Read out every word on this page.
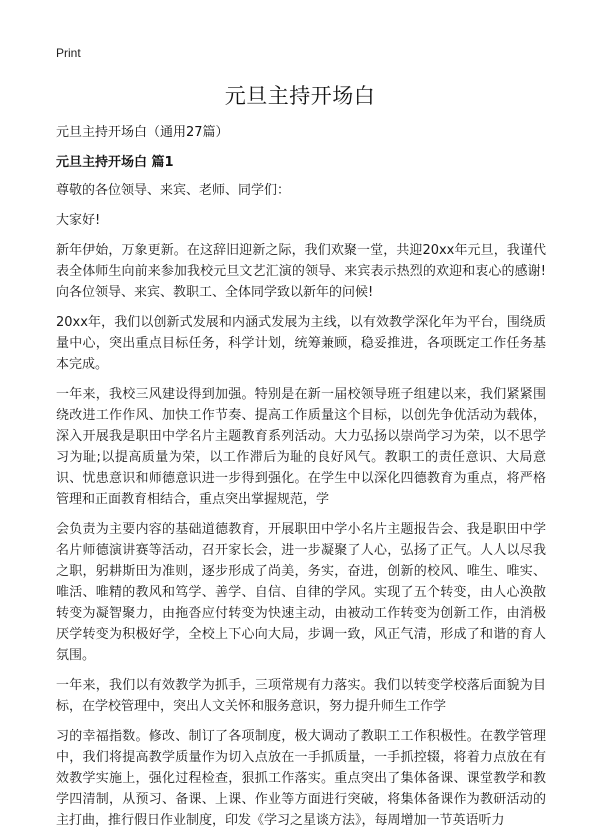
Print
元旦主持开场白
元旦主持开场白（通用27篇）
元旦主持开场白 篇1

尊敬的各位领导、来宾、老师、同学们：

大家好!

新年伊始，万象更新。在这辞旧迎新之际，我们欢聚一堂，共迎20xx年元旦，我谨代表全体师生向前来参加我校元旦文艺汇演的领导、来宾表示热烈的欢迎和衷心的感谢!向各位领导、来宾、教职工、全体同学致以新年的问候!

20xx年，我们以创新式发展和内涵式发展为主线，以有效教学深化年为平台，围绕质量中心，突出重点目标任务，科学计划，统筹兼顾，稳妥推进，各项既定工作任务基本完成。

一年来，我校三风建设得到加强。特别是在新一届校领导班子组建以来，我们紧紧围绕改进工作作风、加快工作节奏、提高工作质量这个目标，以创先争优活动为载体，深入开展我是职田中学名片主题教育系列活动。大力弘扬以崇尚学习为荣，以不思学习为耻;以提高质量为荣，以工作滞后为耻的良好风气。教职工的责任意识、大局意识、忧患意识和师德意识进一步得到强化。在学生中以深化四德教育为重点，将严格管理和正面教育相结合，重点突出掌握规范，学

会负责为主要内容的基础道德教育，开展职田中学小名片主题报告会、我是职田中学名片师德演讲赛等活动，召开家长会，进一步凝聚了人心，弘扬了正气。人人以尽我之职，躬耕斯田为准则，逐步形成了尚美，务实，奋进，创新的校风、唯生、唯实、唯活、唯精的教风和笃学、善学、自信、自律的学风。实现了五个转变，由人心涣散转变为凝智聚力，由拖沓应付转变为快速主动，由被动工作转变为创新工作，由消极厌学转变为积极好学，全校上下心向大局，步调一致，风正气清，形成了和谐的育人氛围。

一年来，我们以有效教学为抓手，三项常规有力落实。我们以转变学校落后面貌为目标，在学校管理中，突出人文关怀和服务意识，努力提升师生工作学

习的幸福指数。修改、制订了各项制度，极大调动了教职工工作积极性。在教学管理中，我们将提高教学质量作为切入点放在一手抓质量，一手抓控辍，将着力点放在有效教学实施上，强化过程检查，狠抓工作落实。重点突出了集体备课、课堂教学和教学四清制，从预习、备课、上课、作业等方面进行突破，将集体备课作为教研活动的主打曲，推行假日作业制度，印发《学习之星谈方法》，每周增加一节英语听力
